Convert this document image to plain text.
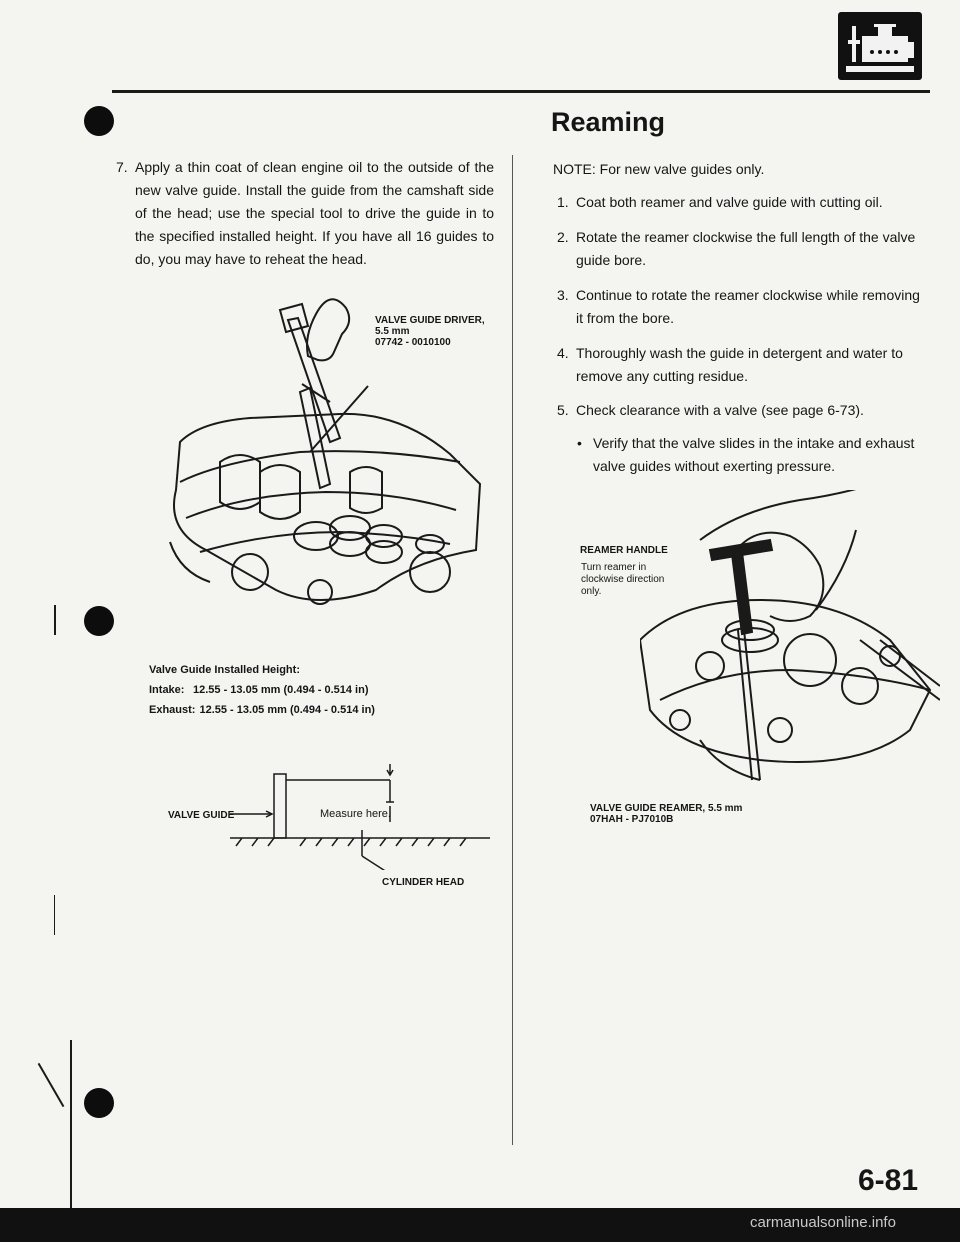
7. Apply a thin coat of clean engine oil to the outside of the new valve guide. Install the guide from the camshaft side of the head; use the special tool to drive the guide in to the specified installed height. If you have all 16 guides to do, you may have to reheat the head.
VALVE GUIDE DRIVER,
5.5 mm
07742 - 0010100
Valve Guide Installed Height:
Intake: 12.55 - 13.05 mm (0.494 - 0.514 in)
Exhaust: 12.55 - 13.05 mm (0.494 - 0.514 in)
VALVE GUIDE	Measure here.
CYLINDER HEAD
Reaming
NOTE: For new valve guides only.
1. Coat both reamer and valve guide with cutting oil.
2. Rotate the reamer clockwise the full length of the valve guide bore.
3. Continue to rotate the reamer clockwise while removing it from the bore.
4. Thoroughly wash the guide in detergent and water to remove any cutting residue.
5. Check clearance with a valve (see page 6-73).
• Verify that the valve slides in the intake and exhaust valve guides without exerting pressure.
REAMER HANDLE
Turn reamer in clockwise direction only.
VALVE GUIDE REAMER, 5.5 mm
07HAH - PJ7010B
6-81
carmanualsonline.info
